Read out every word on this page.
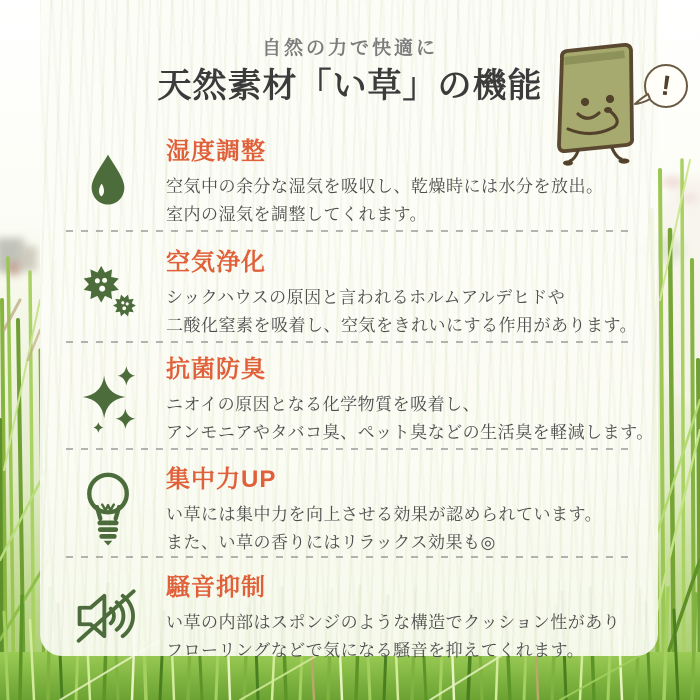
自然の力で快適に
天然素材「い草」の機能	!
湿度調整
空気中の余分な湿気を吸収し、乾燥時には水分を放出。
室内の湿気を調整してくれます。
空気浄化
シックハウスの原因と言われるホルムアルデヒドや
二酸化窒素を吸着し、空気をきれいにする作用があります。
抗菌防臭
ニオイの原因となる化学物質を吸着し、
アンモニアやタバコ臭、ペット臭などの生活臭を軽減します。
集中力UP
い草には集中力を向上させる効果が認められています。
また、い草の香りにはリラックス効果も◎
騒音抑制
い草の内部はスポンジのような構造でクッション性があり
フローリングなどで気になる騒音を抑えてくれます。
